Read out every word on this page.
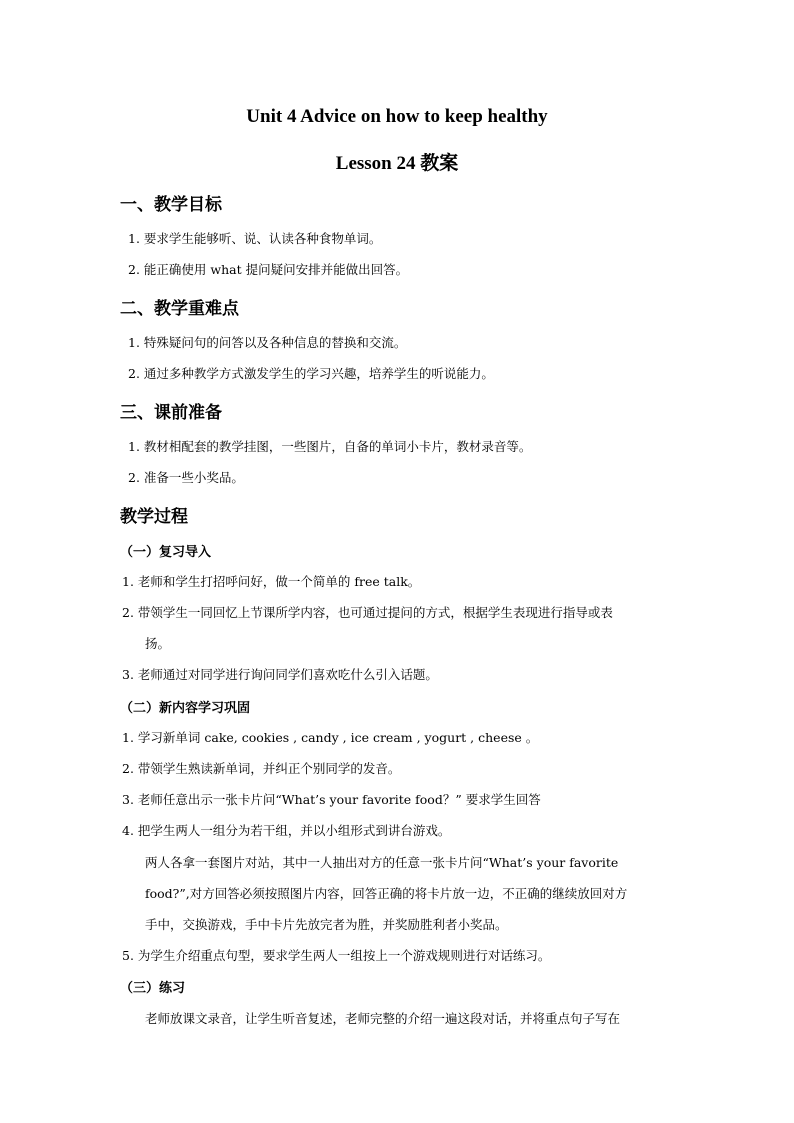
Unit 4 Advice on how to keep healthy
Lesson 24 教案
一、教学目标
1. 要求学生能够听、说、认读各种食物单词。
2. 能正确使用 what 提问疑问安排并能做出回答。
二、教学重难点
1. 特殊疑问句的问答以及各种信息的替换和交流。
2. 通过多种教学方式激发学生的学习兴趣，培养学生的听说能力。
三、课前准备
1. 教材相配套的教学挂图，一些图片，自备的单词小卡片，教材录音等。
2. 准备一些小奖品。
教学过程
（一）复习导入
1. 老师和学生打招呼问好，做一个简单的 free talk。
2. 带领学生一同回忆上节课所学内容，也可通过提问的方式，根据学生表现进行指导或表
扬。
3. 老师通过对同学进行询问同学们喜欢吃什么引入话题。
（二）新内容学习巩固
1. 学习新单词 cake, cookies , candy , ice cream , yogurt , cheese 。
2. 带领学生熟读新单词，并纠正个别同学的发音。
3. 老师任意出示一张卡片问“What’s your favorite food？” 要求学生回答
4. 把学生两人一组分为若干组，并以小组形式到讲台游戏。
两人各拿一套图片对站，其中一人抽出对方的任意一张卡片问“What’s your favorite
food?”,对方回答必须按照图片内容，回答正确的将卡片放一边，不正确的继续放回对方
手中，交换游戏，手中卡片先放完者为胜，并奖励胜利者小奖品。
5. 为学生介绍重点句型，要求学生两人一组按上一个游戏规则进行对话练习。
（三）练习
老师放课文录音，让学生听音复述，老师完整的介绍一遍这段对话，并将重点句子写在
